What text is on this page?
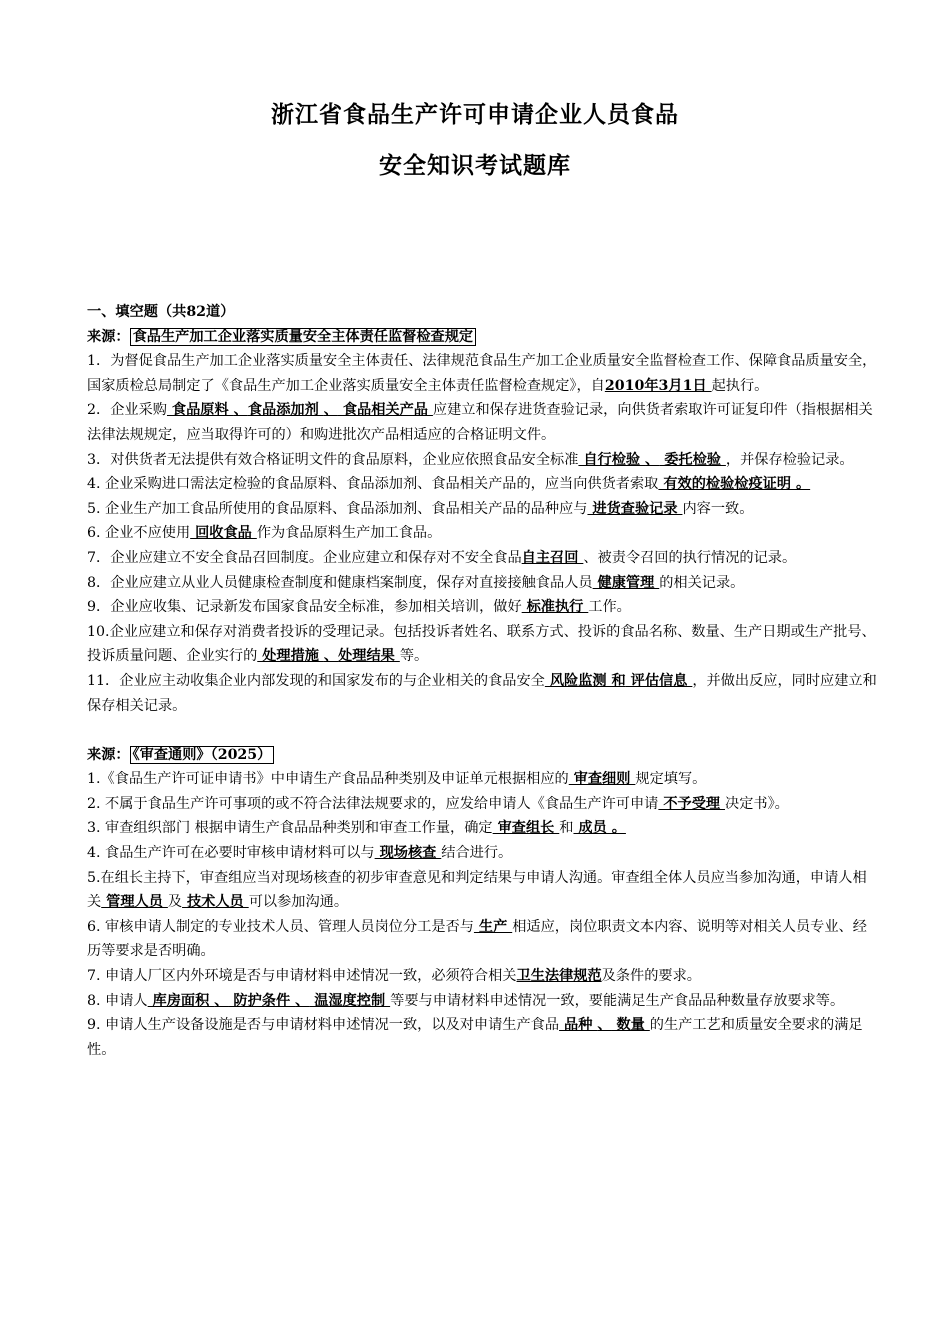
浙江省食品生产许可申请企业人员食品
安全知识考试题库

一、填空题（共82道）

来源： 食品生产加工企业落实质量安全主体责任监督检查规定

1．为督促食品生产加工企业落实质量安全主体责任、法律规范食品生产加工企业质量安全监督检查工作、保障食品质量安全，国家质检总局制定了《食品生产加工企业落实质量安全主体责任监督检查规定》，自2010年3月1日 起执行。

2．企业采购 食品原料 、食品添加剂 、 食品相关产品 应建立和保存进货查验记录，向供货者索取许可证复印件（指根据相关法律法规规定，应当取得许可的）和购进批次产品相适应的合格证明文件。

3．对供货者无法提供有效合格证明文件的食品原料，企业应依照食品安全标准 自行检验 、 委托检验 ，并保存检验记录。

4. 企业采购进口需法定检验的食品原料、食品添加剂、食品相关产品的，应当向供货者索取 有效的检验检疫证明 。

5. 企业生产加工食品所使用的食品原料、食品添加剂、食品相关产品的品种应与 进货查验记录 内容一致。

6. 企业不应使用 回收食品 作为食品原料生产加工食品。

7．企业应建立不安全食品召回制度。企业应建立和保存对不安全食品自主召回 、被责令召回的执行情况的记录。

8．企业应建立从业人员健康检查制度和健康档案制度，保存对直接接触食品人员 健康管理 的相关记录。

9．企业应收集、记录新发布国家食品安全标准，参加相关培训，做好 标准执行 工作。

10.企业应建立和保存对消费者投诉的受理记录。包括投诉者姓名、联系方式、投诉的食品名称、数量、生产日期或生产批号、投诉质量问题、企业实行的 处理措施 、处理结果 等。

11．企业应主动收集企业内部发现的和国家发布的与企业相关的食品安全 风险监测 和 评估信息 ，并做出反应，同时应建立和保存相关记录。

来源： 《审查通则》（2025）

1.《食品生产许可证申请书》中申请生产食品品种类别及申证单元根据相应的 审查细则 规定填写。

2. 不属于食品生产许可事项的或不符合法律法规要求的，应发给申请人《食品生产许可申请 不予受理 决定书》。

3. 审查组织部门 根据申请生产食品品种类别和审查工作量，确定 审查组长 和 成员 。

4. 食品生产许可在必要时审核申请材料可以与 现场核查 结合进行。

5.在组长主持下，审查组应当对现场核查的初步审查意见和判定结果与申请人沟通。审查组全体人员应当参加沟通，申请人相关 管理人员 及 技术人员 可以参加沟通。

6. 审核申请人制定的专业技术人员、管理人员岗位分工是否与 生产 相适应，岗位职责文本内容、说明等对相关人员专业、经历等要求是否明确。

7. 申请人厂区内外环境是否与申请材料申述情况一致，必须符合相关卫生法律规范及条件的要求。

8. 申请人 库房面积 、 防护条件 、 温湿度控制 等要与申请材料申述情况一致，要能满足生产食品品种数量存放要求等。

9. 申请人生产设备设施是否与申请材料申述情况一致，以及对申请生产食品 品种 、 数量 的生产工艺和质量安全要求的满足性。
